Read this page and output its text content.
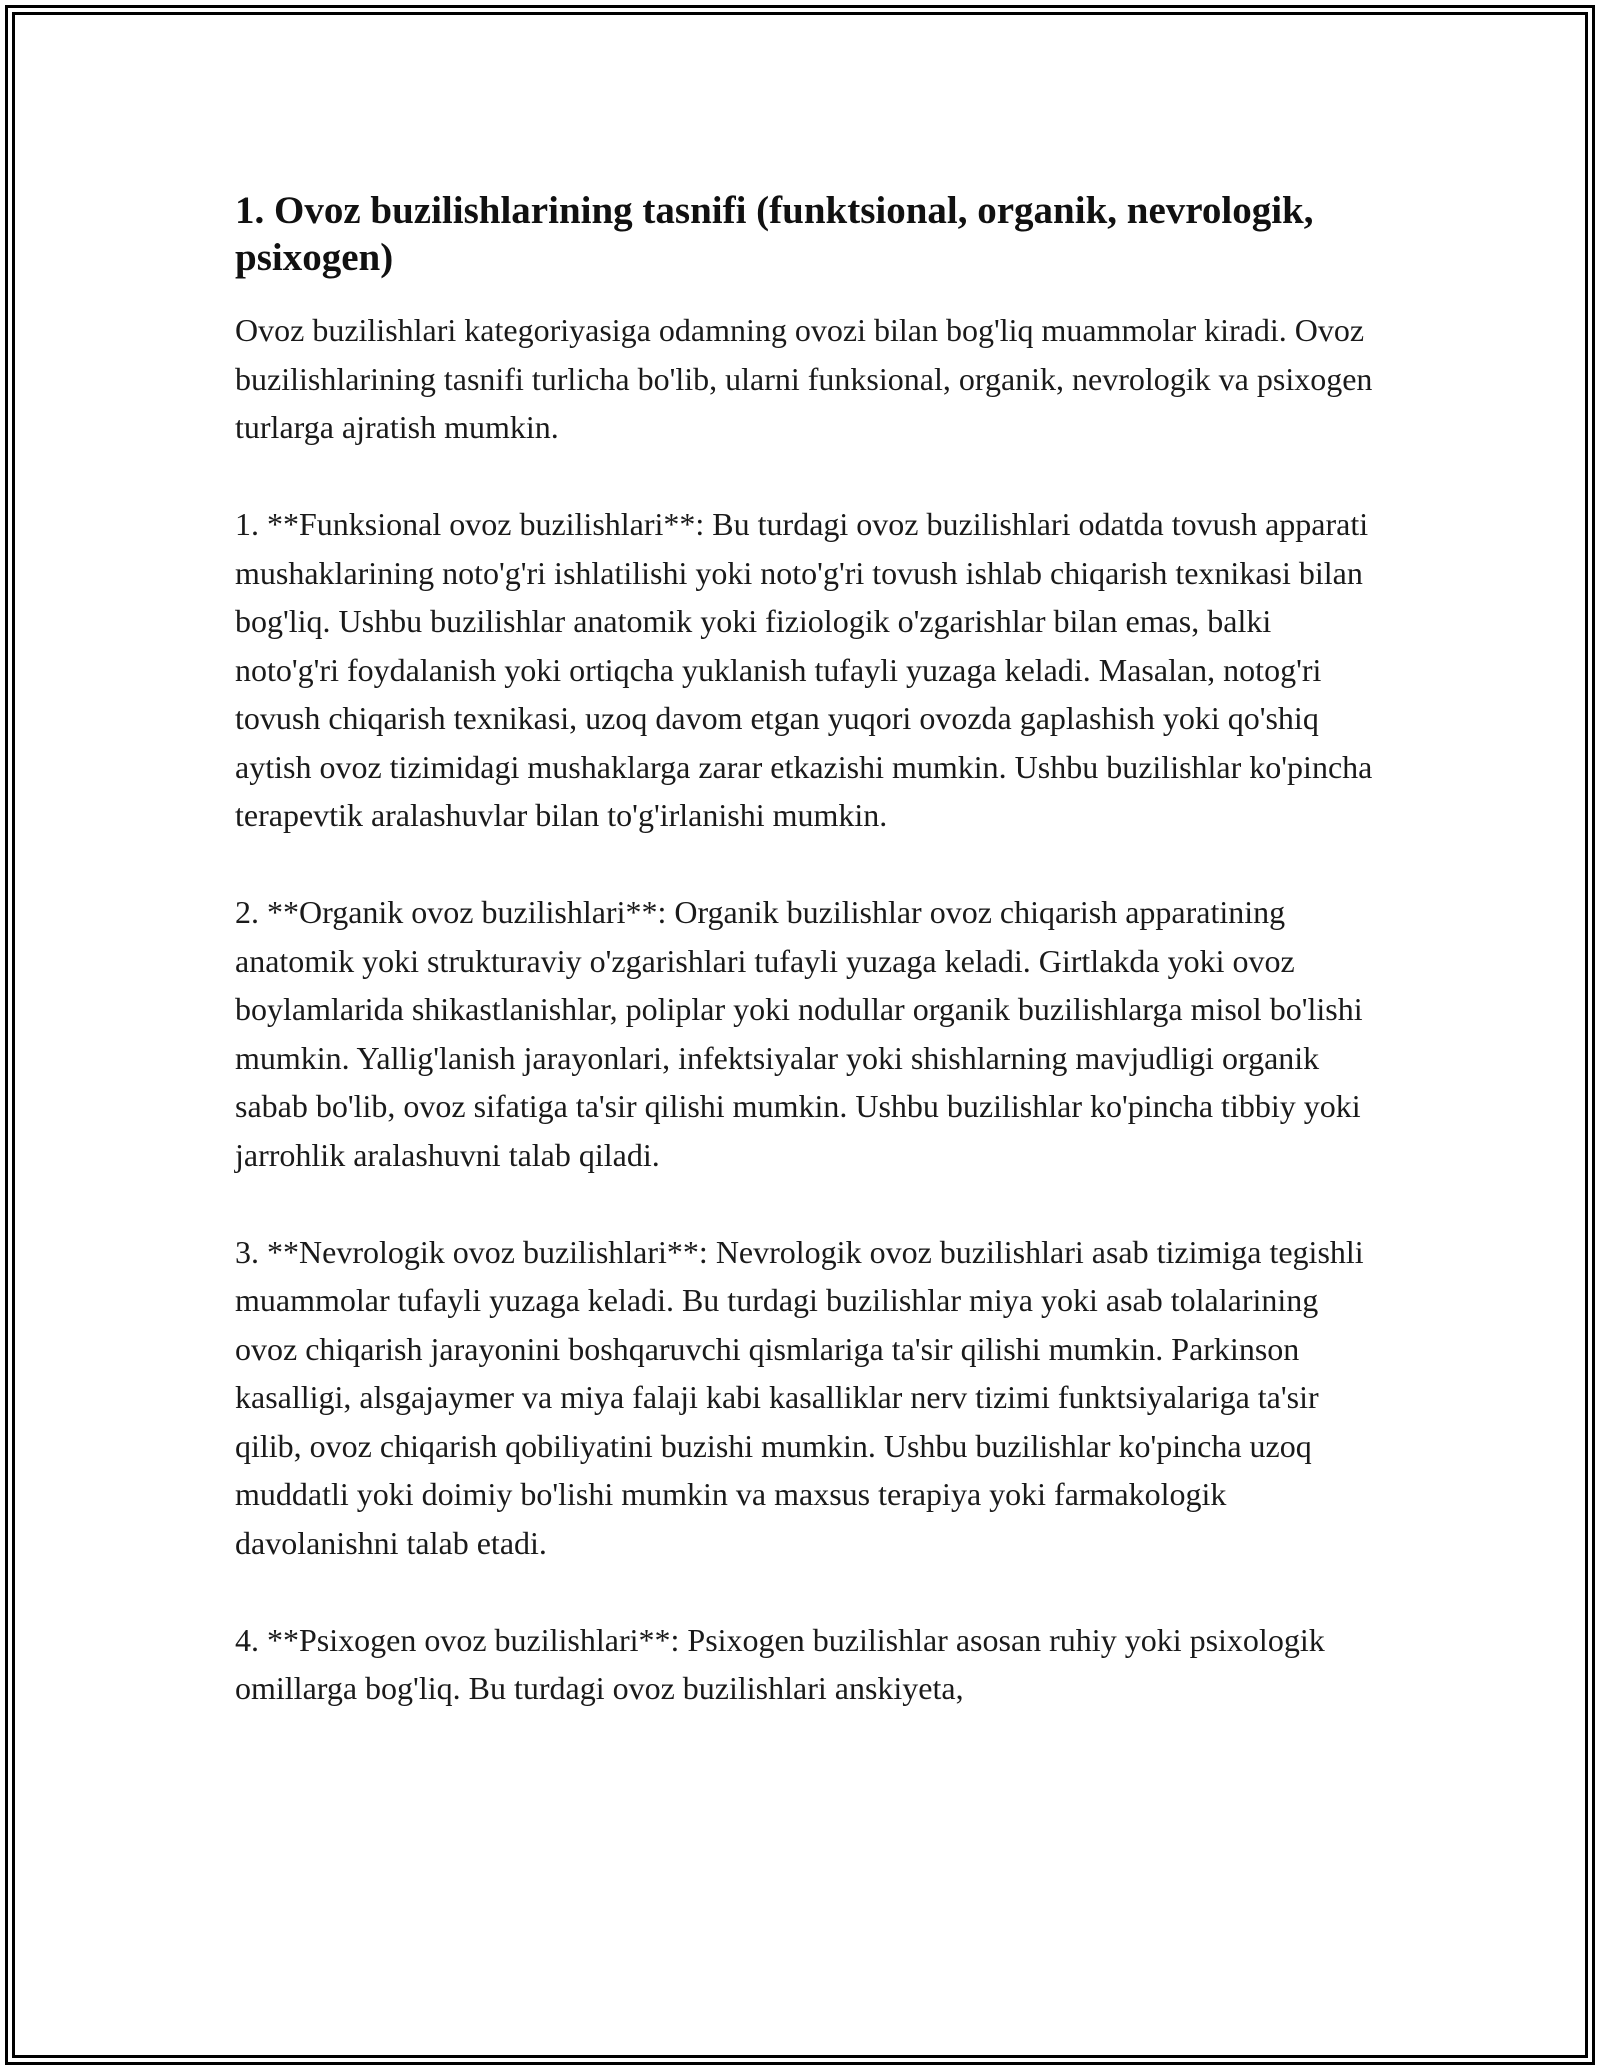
1. Ovoz buzilishlarining tasnifi (funktsional, organik, nevrologik, psixogen)

Ovoz buzilishlari kategoriyasiga odamning ovozi bilan bog'liq muammolar kiradi. Ovoz buzilishlarining tasnifi turlicha bo'lib, ularni funksional, organik, nevrologik va psixogen turlarga ajratish mumkin.

1. **Funksional ovoz buzilishlari**: Bu turdagi ovoz buzilishlari odatda tovush apparati mushaklarining noto'g'ri ishlatilishi yoki noto'g'ri tovush ishlab chiqarish texnikasi bilan bog'liq. Ushbu buzilishlar anatomik yoki fiziologik o'zgarishlar bilan emas, balki noto'g'ri foydalanish yoki ortiqcha yuklanish tufayli yuzaga keladi. Masalan, notog'ri tovush chiqarish texnikasi, uzoq davom etgan yuqori ovozda gaplashish yoki qo'shiq aytish ovoz tizimidagi mushaklarga zarar etkazishi mumkin. Ushbu buzilishlar ko'pincha terapevtik aralashuvlar bilan to'g'irlanishi mumkin.

2. **Organik ovoz buzilishlari**: Organik buzilishlar ovoz chiqarish apparatining anatomik yoki strukturaviy o'zgarishlari tufayli yuzaga keladi. Girtlakda yoki ovoz boylamlarida shikastlanishlar, poliplar yoki nodullar organik buzilishlarga misol bo'lishi mumkin. Yallig'lanish jarayonlari, infektsiyalar yoki shishlarning mavjudligi organik sabab bo'lib, ovoz sifatiga ta'sir qilishi mumkin. Ushbu buzilishlar ko'pincha tibbiy yoki jarrohlik aralashuvni talab qiladi.

3. **Nevrologik ovoz buzilishlari**: Nevrologik ovoz buzilishlari asab tizimiga tegishli muammolar tufayli yuzaga keladi. Bu turdagi buzilishlar miya yoki asab tolalarining ovoz chiqarish jarayonini boshqaruvchi qismlariga ta'sir qilishi mumkin. Parkinson kasalligi, alsgajaymer va miya falaji kabi kasalliklar nerv tizimi funktsiyalariga ta'sir qilib, ovoz chiqarish qobiliyatini buzishi mumkin. Ushbu buzilishlar ko'pincha uzoq muddatli yoki doimiy bo'lishi mumkin va maxsus terapiya yoki farmakologik davolanishni talab etadi.

4. **Psixogen ovoz buzilishlari**: Psixogen buzilishlar asosan ruhiy yoki psixologik omillarga bog'liq. Bu turdagi ovoz buzilishlari anskiyeta,
